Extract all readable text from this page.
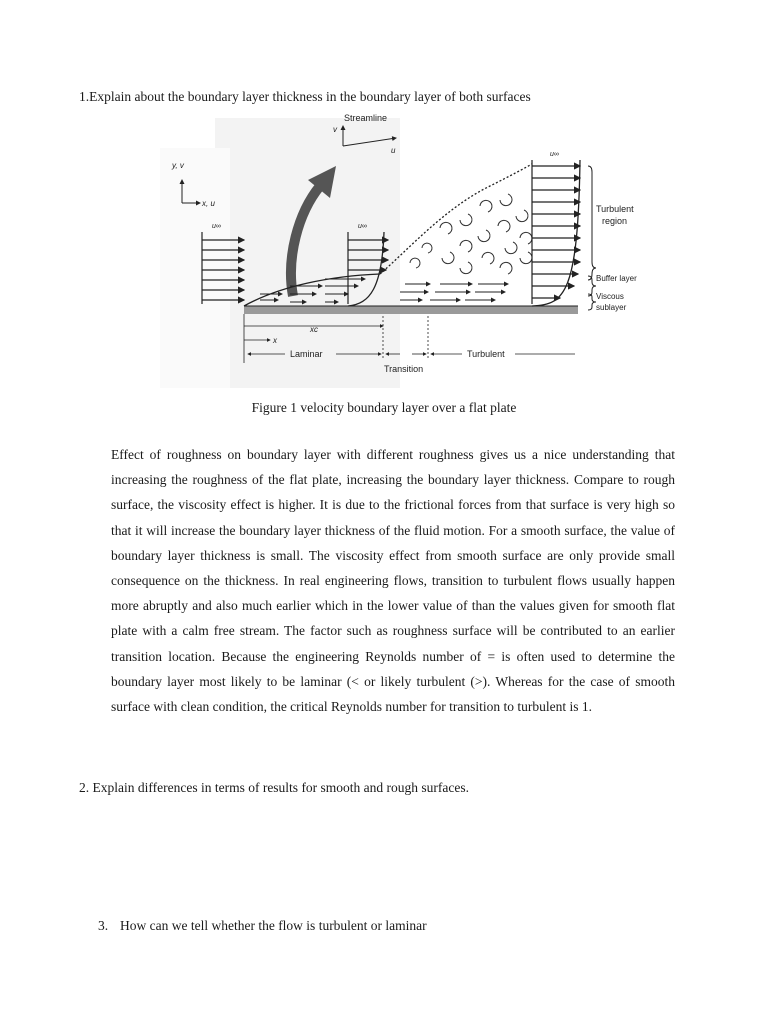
1.Explain about the boundary layer thickness in the boundary layer of both surfaces
Streamline
v
u
y, v
x, u
u∞	u∞
u∞
Turbulent
region
Buffer layer
Viscous
sublayer
xc
x
Laminar
Transition
Turbulent
Figure 1 velocity boundary layer over a flat plate

Effect of roughness on boundary layer with different roughness gives us a nice understanding that increasing the roughness of the flat plate, increasing the boundary layer thickness. Compare to rough surface, the viscosity effect is higher. It is due to the frictional forces from that surface is very high so that it will increase the boundary layer thickness of the fluid motion. For a smooth surface, the value of boundary layer thickness is small. The viscosity effect from smooth surface are only provide small consequence on the thickness. In real engineering flows, transition to turbulent flows usually happen more abruptly and also much earlier which in the lower value of than the values given for smooth flat plate with a calm free stream. The factor such as roughness surface will be contributed to an earlier transition location. Because the engineering Reynolds number of = is often used to determine the boundary layer most likely to be laminar (< or likely turbulent (>). Whereas for the case of smooth surface with clean condition, the critical Reynolds number for transition to turbulent is 1.

2. Explain differences in terms of results for smooth and rough surfaces.
3. How can we tell whether the flow is turbulent or laminar
